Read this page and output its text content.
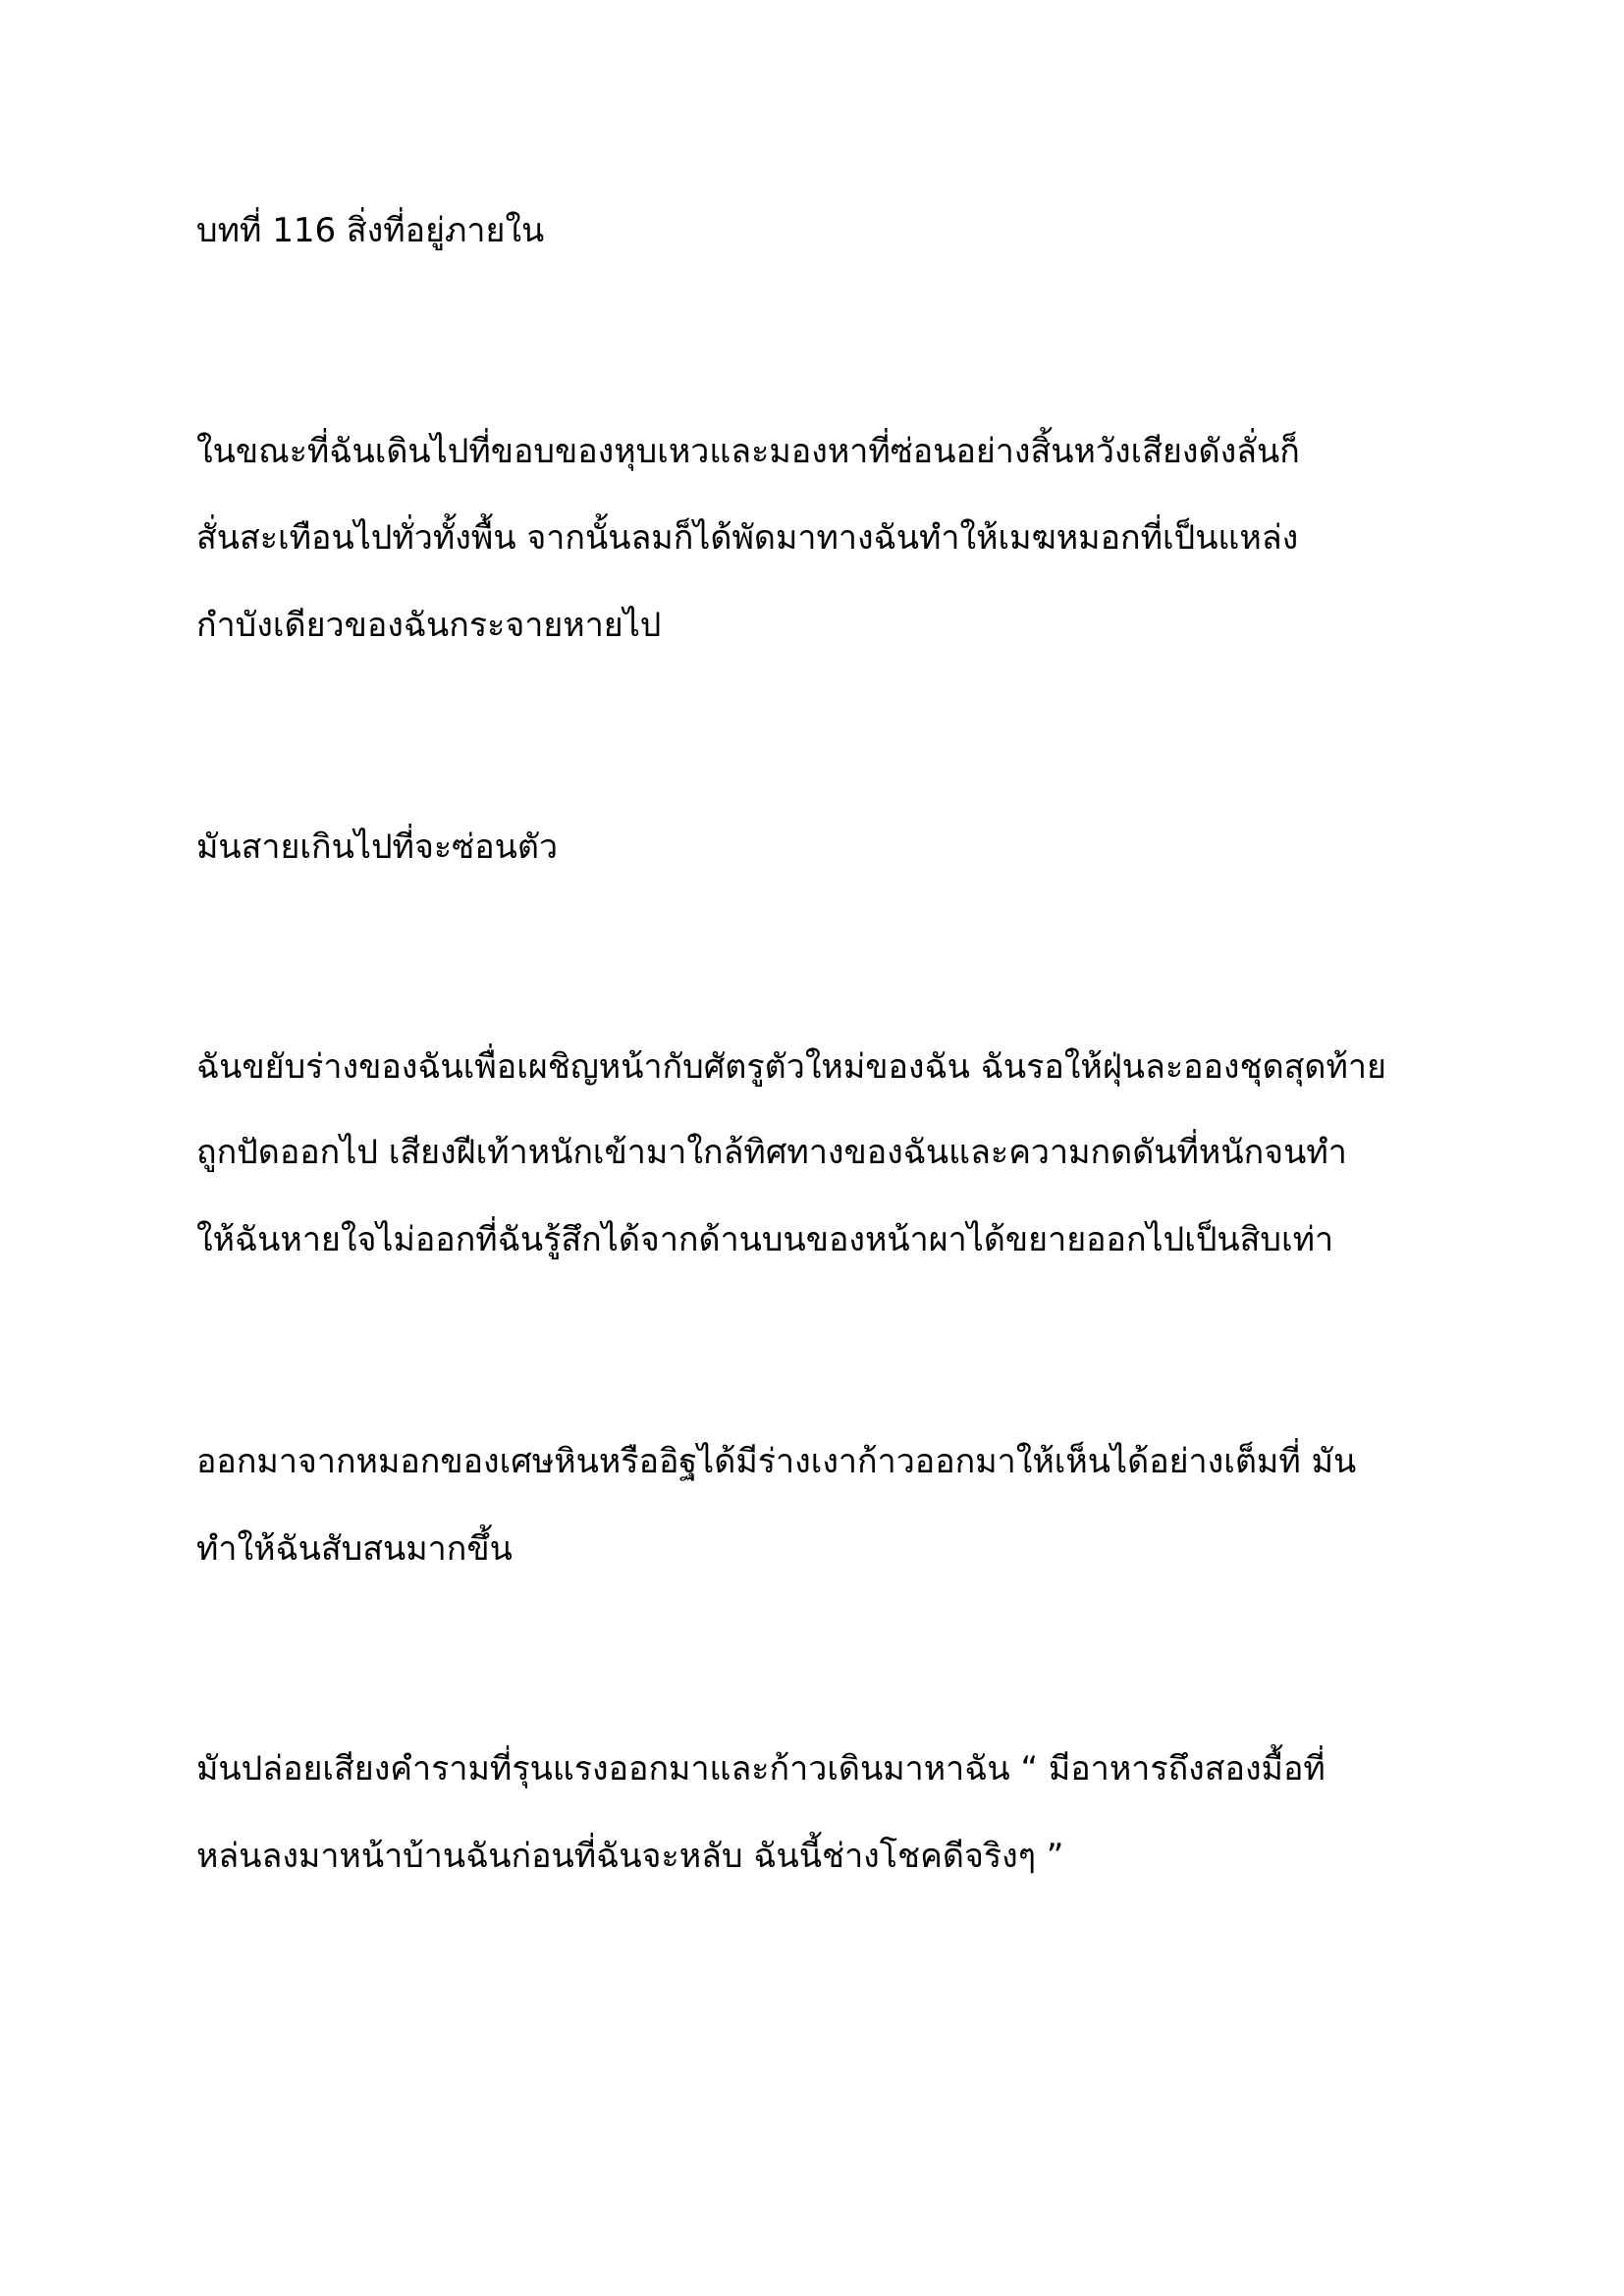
บทที่ 116 สิ่งที่อยู่ภายใน

ในขณะที่ฉันเดินไปที่ขอบของหุบเหวและมองหาที่ซ่อนอย่างสิ้นหวังเสียงดังลั่นก็

สั่นสะเทือนไปทั่วทั้งพื้น จากนั้นลมก็ได้พัดมาทางฉันทำให้เมฆหมอกที่เป็นแหล่ง

กำบังเดียวของฉันกระจายหายไป

มันสายเกินไปที่จะซ่อนตัว

ฉันขยับร่างของฉันเพื่อเผชิญหน้ากับศัตรูตัวใหม่ของฉัน ฉันรอให้ฝุ่นละอองชุดสุดท้าย

ถูกปัดออกไป เสียงฝีเท้าหนักเข้ามาใกล้ทิศทางของฉันและความกดดันที่หนักจนทำ

ให้ฉันหายใจไม่ออกที่ฉันรู้สึกได้จากด้านบนของหน้าผาได้ขยายออกไปเป็นสิบเท่า

ออกมาจากหมอกของเศษหินหรืออิฐได้มีร่างเงาก้าวออกมาให้เห็นได้อย่างเต็มที่ มัน

ทำให้ฉันสับสนมากขึ้น

มันปล่อยเสียงคำรามที่รุนแรงออกมาและก้าวเดินมาหาฉัน “ มีอาหารถึงสองมื้อที่

หล่นลงมาหน้าบ้านฉันก่อนที่ฉันจะหลับ ฉันนี้ช่างโชคดีจริงๆ ”
